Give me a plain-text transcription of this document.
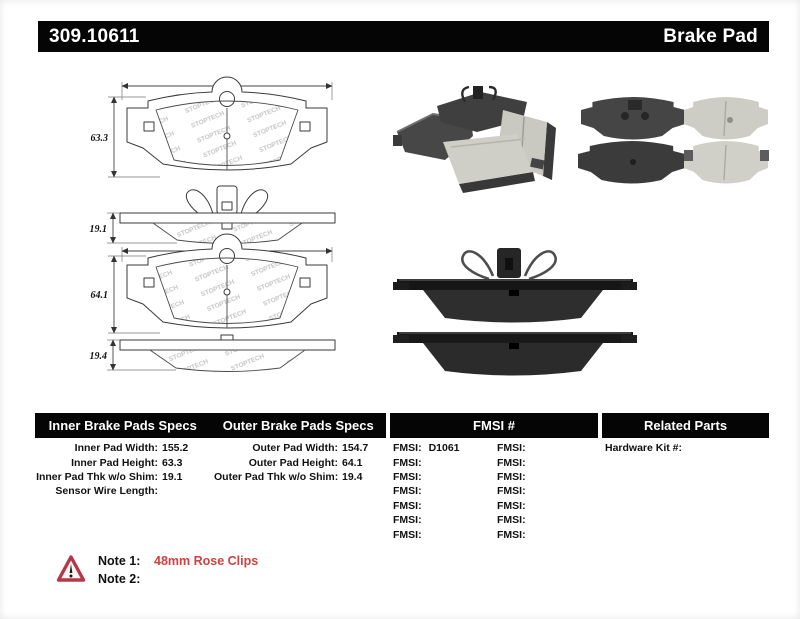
309.10611	Brake Pad
63.3
19.1
64.1
19.4
Inner Brake Pads Specs	Outer Brake Pads Specs	FMSI #	Related Parts
Inner Pad Width: 155.2
Inner Pad Height: 63.3
Inner Pad Thk w/o Shim: 19.1
Sensor Wire Length:
Outer Pad Width: 154.7
Outer Pad Height: 64.1
Outer Pad Thk w/o Shim: 19.4
FMSI: D1061
FMSI:
FMSI:
FMSI:
FMSI:
FMSI:
FMSI:
FMSI:
FMSI:
FMSI:
FMSI:
FMSI:
FMSI:
FMSI:
Hardware Kit #:
Note 1: 48mm Rose Clips
Note 2:
